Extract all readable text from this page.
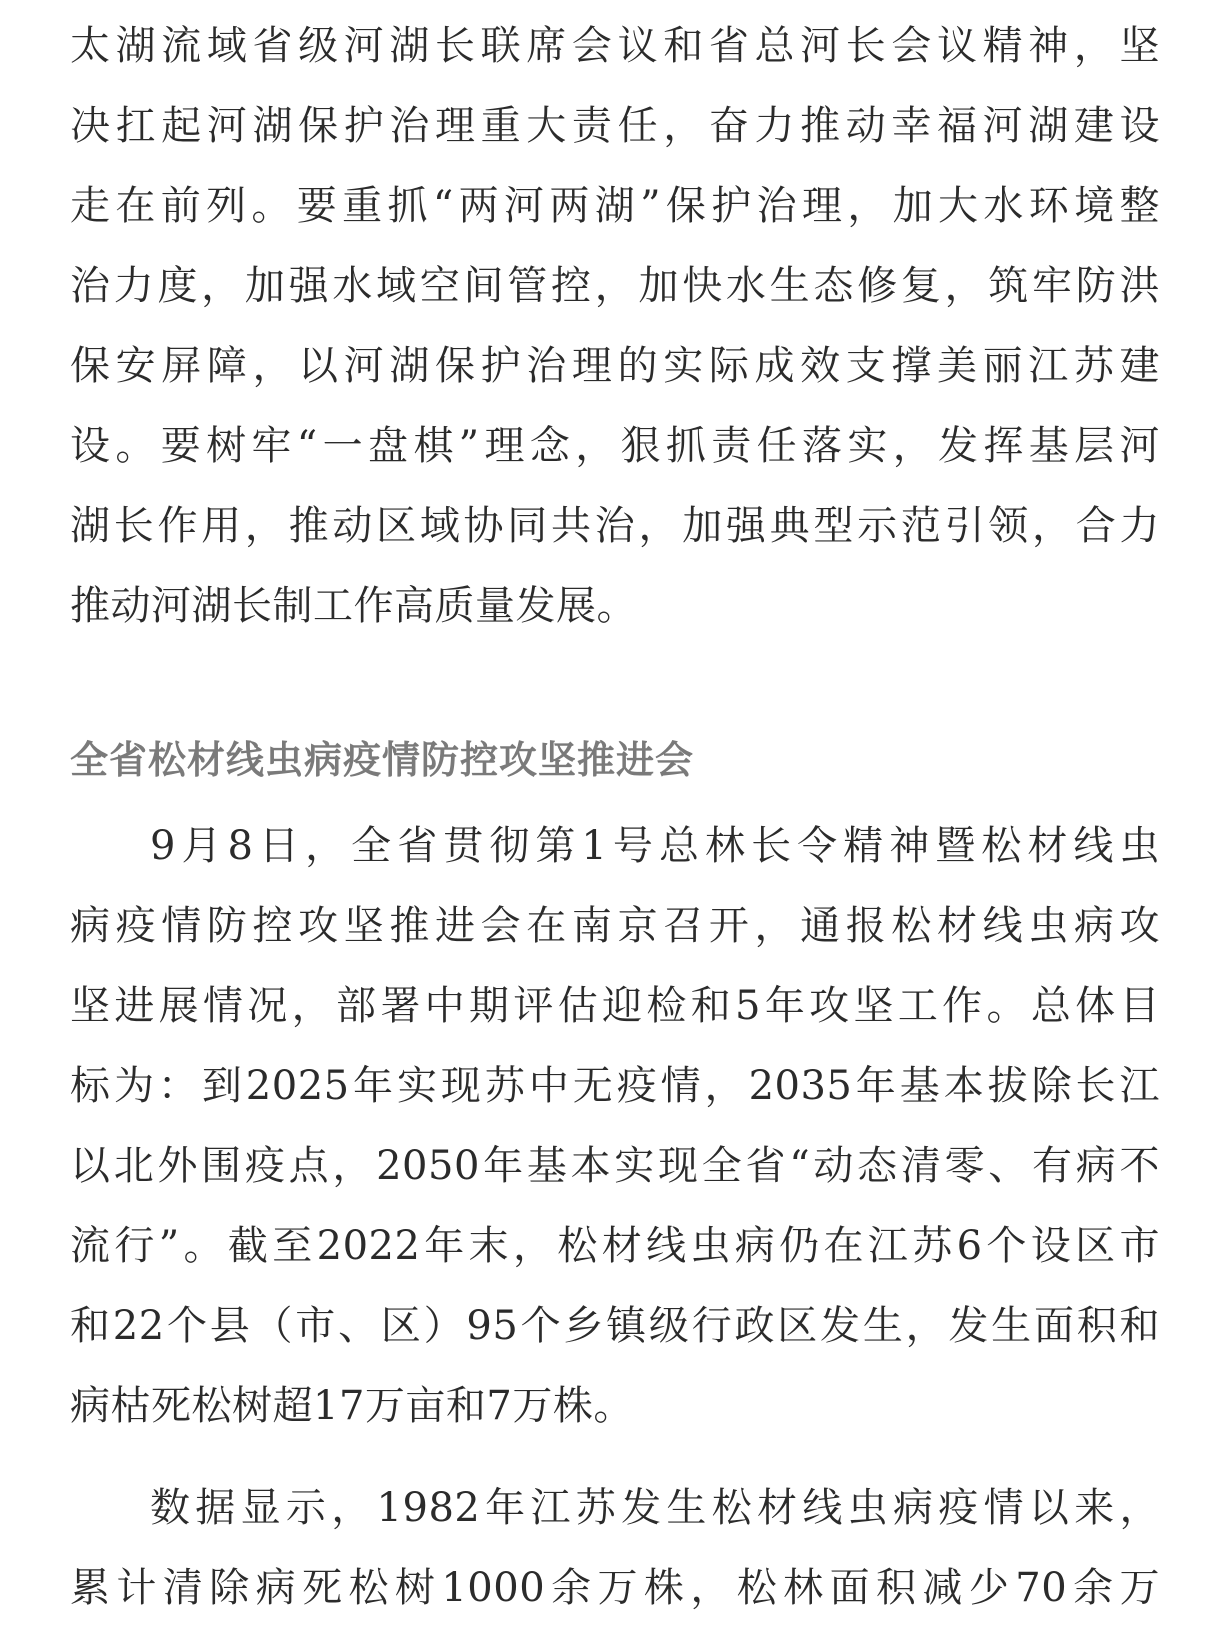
太湖流域省级河湖长联席会议和省总河长会议精神，坚
决扛起河湖保护治理重大责任，奋力推动幸福河湖建设
走在前列。要重抓“两河两湖”保护治理，加大水环境整
治力度，加强水域空间管控，加快水生态修复，筑牢防洪
保安屏障，以河湖保护治理的实际成效支撑美丽江苏建
设。要树牢“一盘棋”理念，狠抓责任落实，发挥基层河
湖长作用，推动区域协同共治，加强典型示范引领，合力
推动河湖长制工作高质量发展。
全省松材线虫病疫情防控攻坚推进会
9月8日，全省贯彻第1号总林长令精神暨松材线虫
病疫情防控攻坚推进会在南京召开，通报松材线虫病攻
坚进展情况，部署中期评估迎检和5年攻坚工作。总体目
标为：到2025年实现苏中无疫情，2035年基本拔除长江
以北外围疫点，2050年基本实现全省“动态清零、有病不
流行”。截至2022年末，松材线虫病仍在江苏6个设区市
和22个县（市、区）95个乡镇级行政区发生，发生面积和
病枯死松树超17万亩和7万株。
数据显示，1982年江苏发生松材线虫病疫情以来，
累计清除病死松树1000余万株，松林面积减少70余万
